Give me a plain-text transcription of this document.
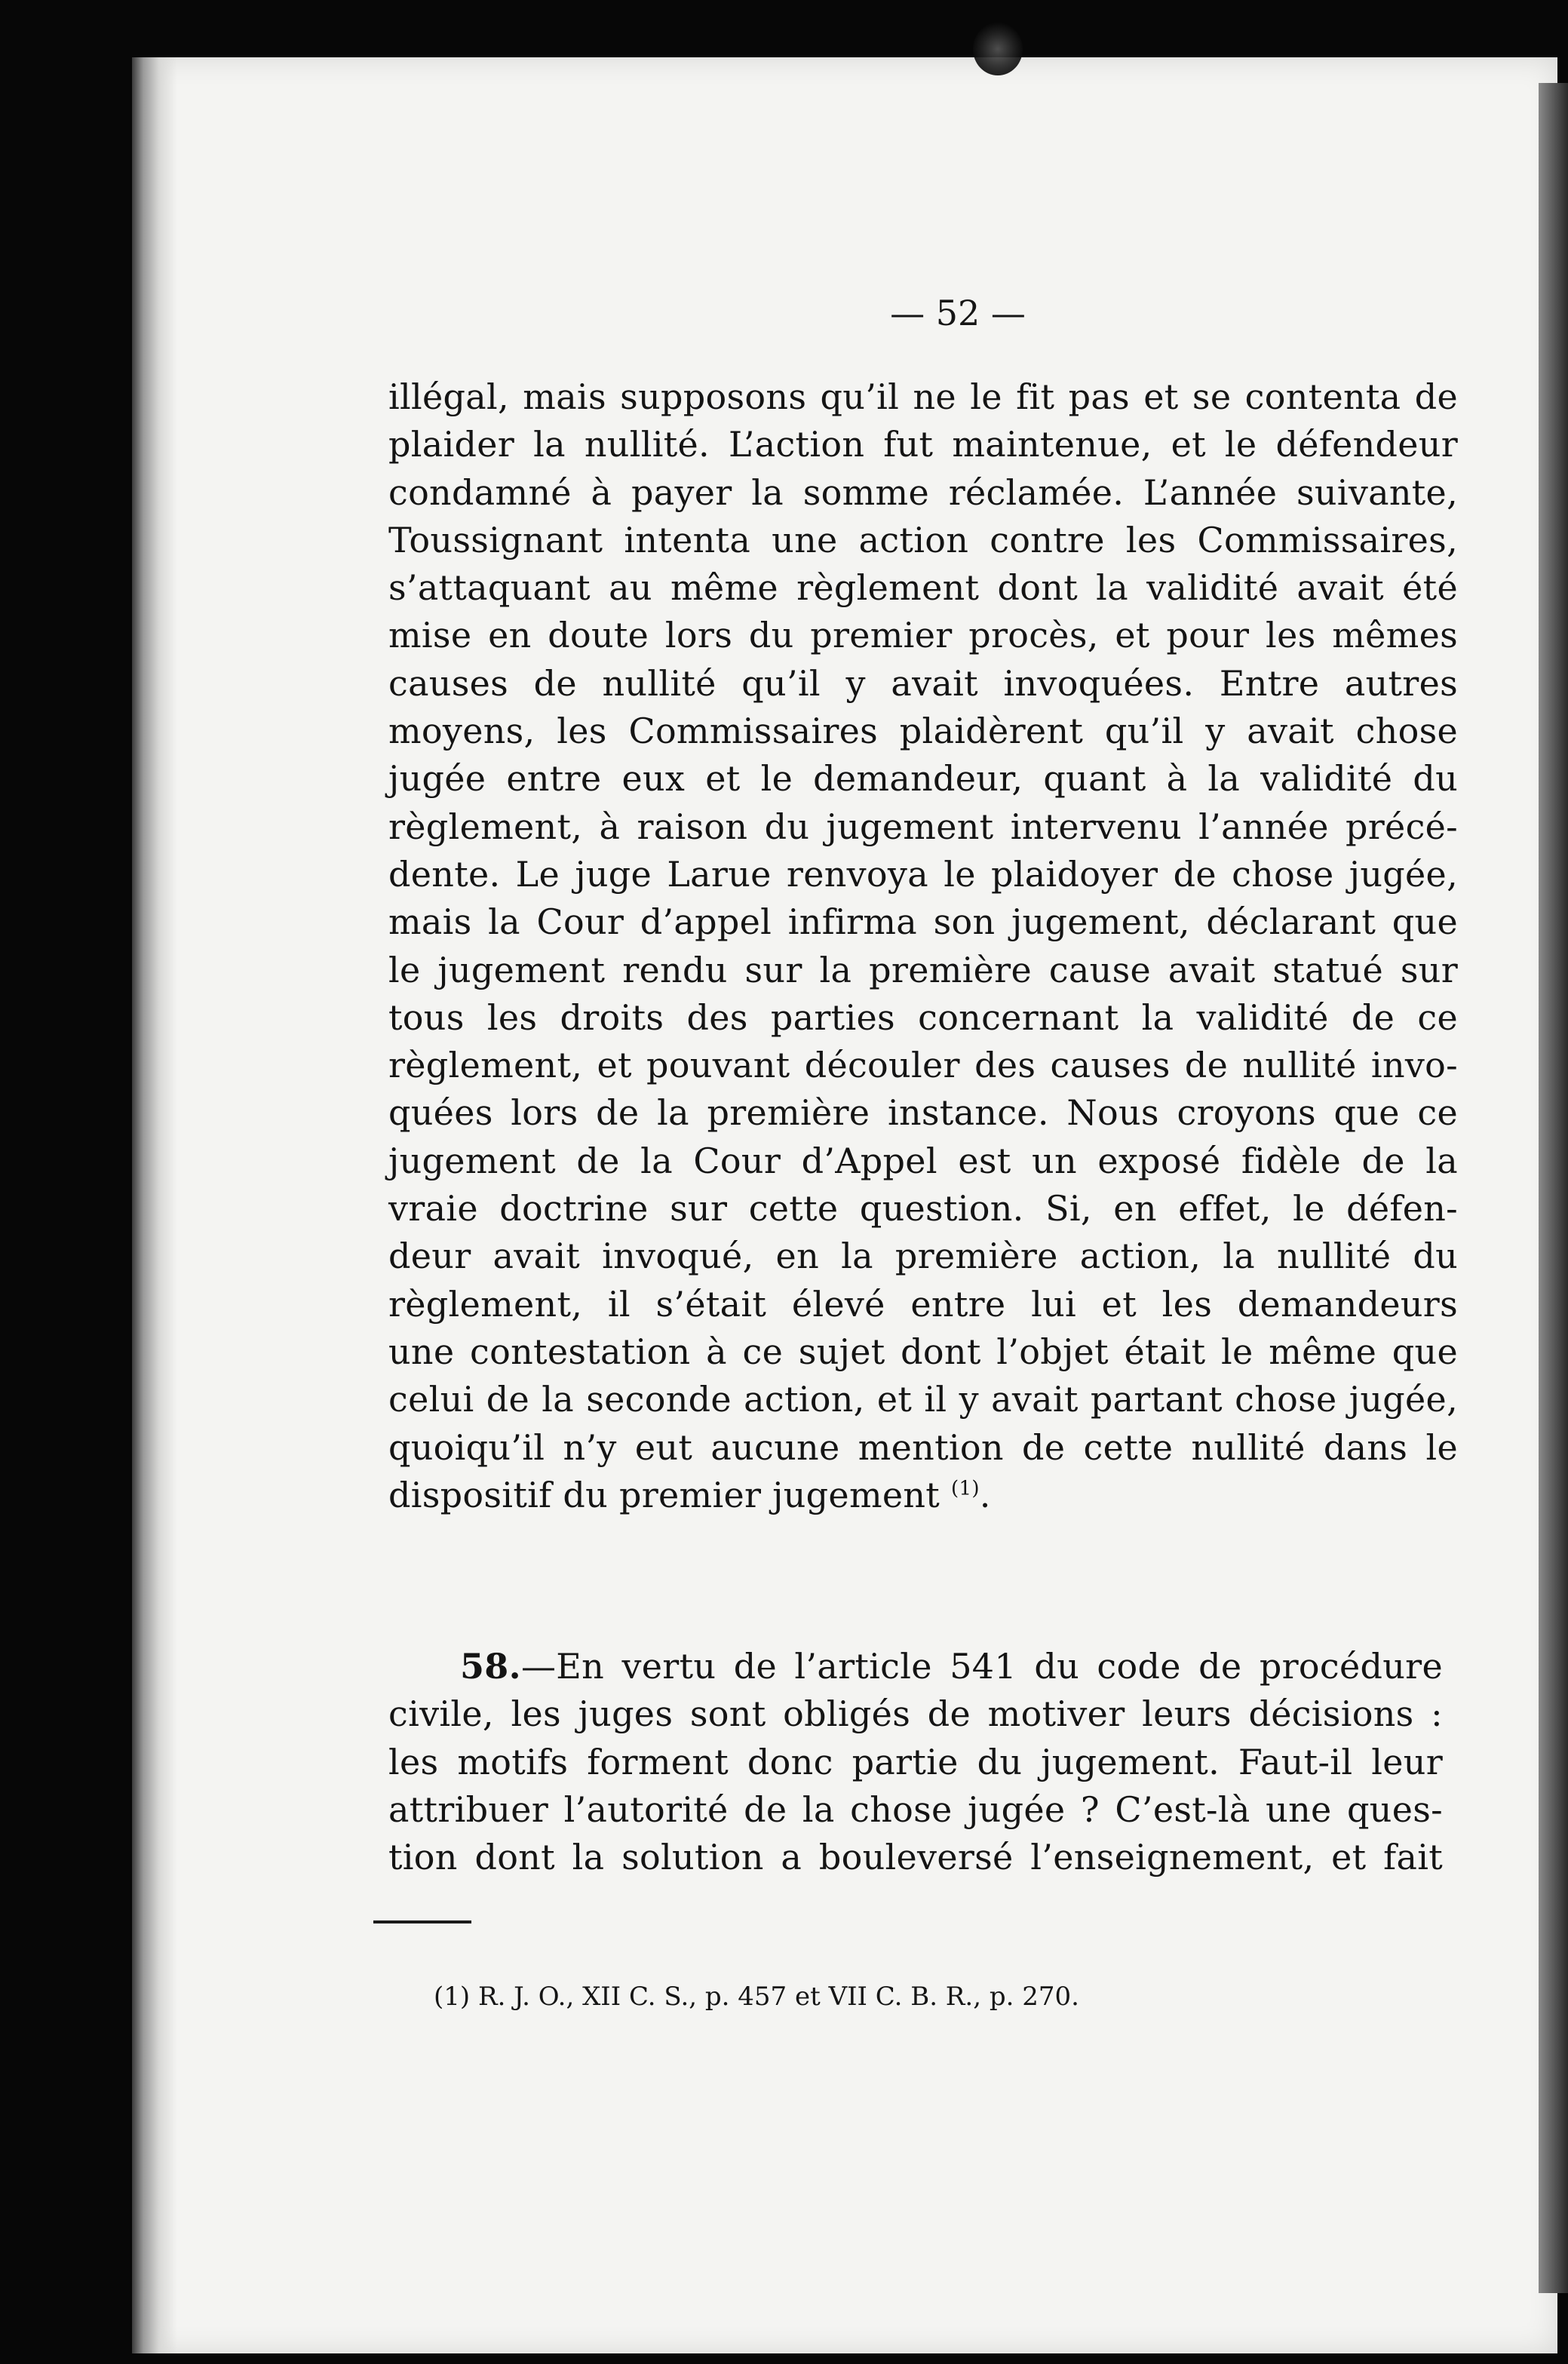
— 52 —
illégal, mais supposons qu’il ne le fit pas et se contenta de
plaider la nullité. L’action fut maintenue, et le défendeur
condamné à payer la somme réclamée. L’année suivante,
Toussignant intenta une action contre les Commissaires,
s’attaquant au même règlement dont la validité avait été
mise en doute lors du premier procès, et pour les mêmes
causes de nullité qu’il y avait invoquées. Entre autres
moyens, les Commissaires plaidèrent qu’il y avait chose
jugée entre eux et le demandeur, quant à la validité du
règlement, à raison du jugement intervenu l’année précé-
dente. Le juge Larue renvoya le plaidoyer de chose jugée,
mais la Cour d’appel infirma son jugement, déclarant que
le jugement rendu sur la première cause avait statué sur
tous les droits des parties concernant la validité de ce
règlement, et pouvant découler des causes de nullité invo-
quées lors de la première instance. Nous croyons que ce
jugement de la Cour d’Appel est un exposé fidèle de la
vraie doctrine sur cette question. Si, en effet, le défen-
deur avait invoqué, en la première action, la nullité du
règlement, il s’était élevé entre lui et les demandeurs
une contestation à ce sujet dont l’objet était le même que
celui de la seconde action, et il y avait partant chose jugée,
quoiqu’il n’y eut aucune mention de cette nullité dans le
dispositif du premier jugement $^{(1)}$.
58.—En vertu de l’article 541 du code de procédure
civile, les juges sont obligés de motiver leurs décisions :
les motifs forment donc partie du jugement. Faut-il leur
attribuer l’autorité de la chose jugée ? C’est-là une ques-
tion dont la solution a bouleversé l’enseignement, et fait
(1) R. J. O., XII C. S., p. 457 et VII C. B. R., p. 270.
